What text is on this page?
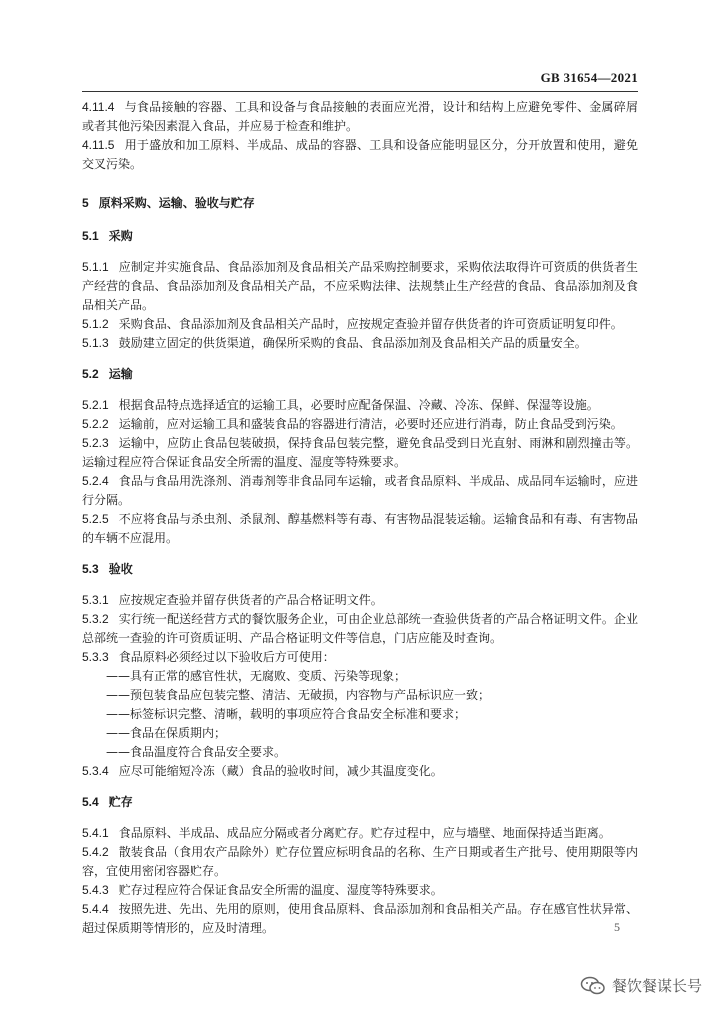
GB 31654—2021

4.11.4 与食品接触的容器、工具和设备与食品接触的表面应光滑，设计和结构上应避免零件、金属碎屑或者其他污染因素混入食品，并应易于检查和维护。

4.11.5 用于盛放和加工原料、半成品、成品的容器、工具和设备应能明显区分，分开放置和使用，避免交叉污染。

5 原料采购、运输、验收与贮存

5.1 采购

5.1.1 应制定并实施食品、食品添加剂及食品相关产品采购控制要求，采购依法取得许可资质的供货者生产经营的食品、食品添加剂及食品相关产品，不应采购法律、法规禁止生产经营的食品、食品添加剂及食品相关产品。

5.1.2 采购食品、食品添加剂及食品相关产品时，应按规定查验并留存供货者的许可资质证明复印件。

5.1.3 鼓励建立固定的供货渠道，确保所采购的食品、食品添加剂及食品相关产品的质量安全。

5.2 运输

5.2.1 根据食品特点选择适宜的运输工具，必要时应配备保温、冷藏、冷冻、保鲜、保湿等设施。

5.2.2 运输前，应对运输工具和盛装食品的容器进行清洁，必要时还应进行消毒，防止食品受到污染。

5.2.3 运输中，应防止食品包装破损，保持食品包装完整，避免食品受到日光直射、雨淋和剧烈撞击等。运输过程应符合保证食品安全所需的温度、湿度等特殊要求。

5.2.4 食品与食品用洗涤剂、消毒剂等非食品同车运输，或者食品原料、半成品、成品同车运输时，应进行分隔。

5.2.5 不应将食品与杀虫剂、杀鼠剂、醇基燃料等有毒、有害物品混装运输。运输食品和有毒、有害物品的车辆不应混用。

5.3 验收

5.3.1 应按规定查验并留存供货者的产品合格证明文件。

5.3.2 实行统一配送经营方式的餐饮服务企业，可由企业总部统一查验供货者的产品合格证明文件。企业总部统一查验的许可资质证明、产品合格证明文件等信息，门店应能及时查询。

5.3.3 食品原料必须经过以下验收后方可使用：

——具有正常的感官性状，无腐败、变质、污染等现象；

——预包装食品应包装完整、清洁、无破损，内容物与产品标识应一致；

——标签标识完整、清晰，载明的事项应符合食品安全标准和要求；

——食品在保质期内；

——食品温度符合食品安全要求。

5.3.4 应尽可能缩短冷冻（藏）食品的验收时间，减少其温度变化。

5.4 贮存

5.4.1 食品原料、半成品、成品应分隔或者分离贮存。贮存过程中，应与墙壁、地面保持适当距离。

5.4.2 散装食品（食用农产品除外）贮存位置应标明食品的名称、生产日期或者生产批号、使用期限等内容，宜使用密闭容器贮存。

5.4.3 贮存过程应符合保证食品安全所需的温度、湿度等特殊要求。

5.4.4 按照先进、先出、先用的原则，使用食品原料、食品添加剂和食品相关产品。存在感官性状异常、超过保质期等情形的，应及时清理。	5
餐饮餐谋长号
